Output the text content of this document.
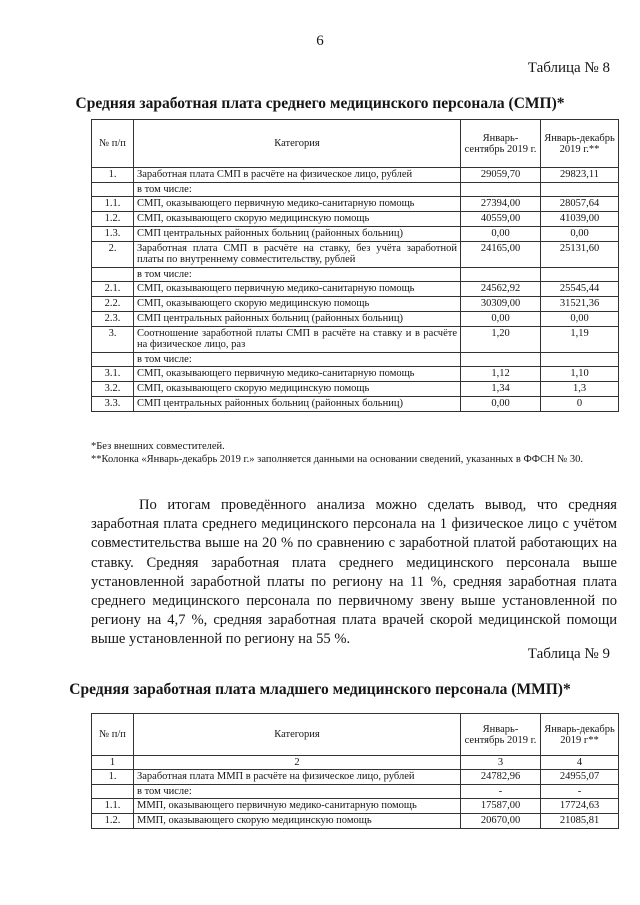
6
Таблица № 8
Средняя заработная плата среднего медицинского персонала (СМП)*
№ п/п	Категория	Январь-сентябрь 2019 г.	Январь-декабрь 2019 г.**
1.	Заработная плата СМП в расчёте на физическое лицо, рублей	29059,70	29823,11
	в том числе:		
1.1.	СМП, оказывающего первичную медико-санитарную помощь	27394,00	28057,64
1.2.	СМП, оказывающего скорую медицинскую помощь	40559,00	41039,00
1.3.	СМП центральных районных больниц (районных больниц)	0,00	0,00
2.	Заработная плата СМП в расчёте на ставку, без учёта заработной платы по внутреннему совместительству, рублей	24165,00	25131,60
	в том числе:		
2.1.	СМП, оказывающего первичную медико-санитарную помощь	24562,92	25545,44
2.2.	СМП, оказывающего скорую медицинскую помощь	30309,00	31521,36
2.3.	СМП центральных районных больниц (районных больниц)	0,00	0,00
3.	Соотношение заработной платы СМП в расчёте на ставку и в расчёте на физическое лицо, раз	1,20	1,19
	в том числе:		
3.1.	СМП, оказывающего первичную медико-санитарную помощь	1,12	1,10
3.2.	СМП, оказывающего скорую медицинскую помощь	1,34	1,3
3.3.	СМП центральных районных больниц (районных больниц)	0,00	0
*Без внешних совместителей.
**Колонка «Январь-декабрь 2019 г.» заполняется данными на основании сведений, указанных в ФФСН № 30.

По итогам проведённого анализа можно сделать вывод, что средняя заработная плата среднего медицинского персонала на 1 физическое лицо с учётом совместительства выше на 20 % по сравнению с заработной платой работающих на ставку. Средняя заработная плата среднего медицинского персонала выше установленной заработной платы по региону на 11 %, средняя заработная плата среднего медицинского персонала по первичному звену выше установленной по региону на 4,7 %, средняя заработная плата врачей скорой медицинской помощи выше установленной по региону на 55 %.

Таблица № 9
Средняя заработная плата младшего медицинского персонала (ММП)*
№ п/п	Категория	Январь-сентябрь 2019 г.	Январь-декабрь 2019 г**
1	2	3	4
1.	Заработная плата ММП в расчёте на физическое лицо, рублей	24782,96	24955,07
	в том числе:	-	-
1.1.	ММП, оказывающего первичную медико-санитарную помощь	17587,00	17724,63
1.2.	ММП, оказывающего скорую медицинскую помощь	20670,00	21085,81
